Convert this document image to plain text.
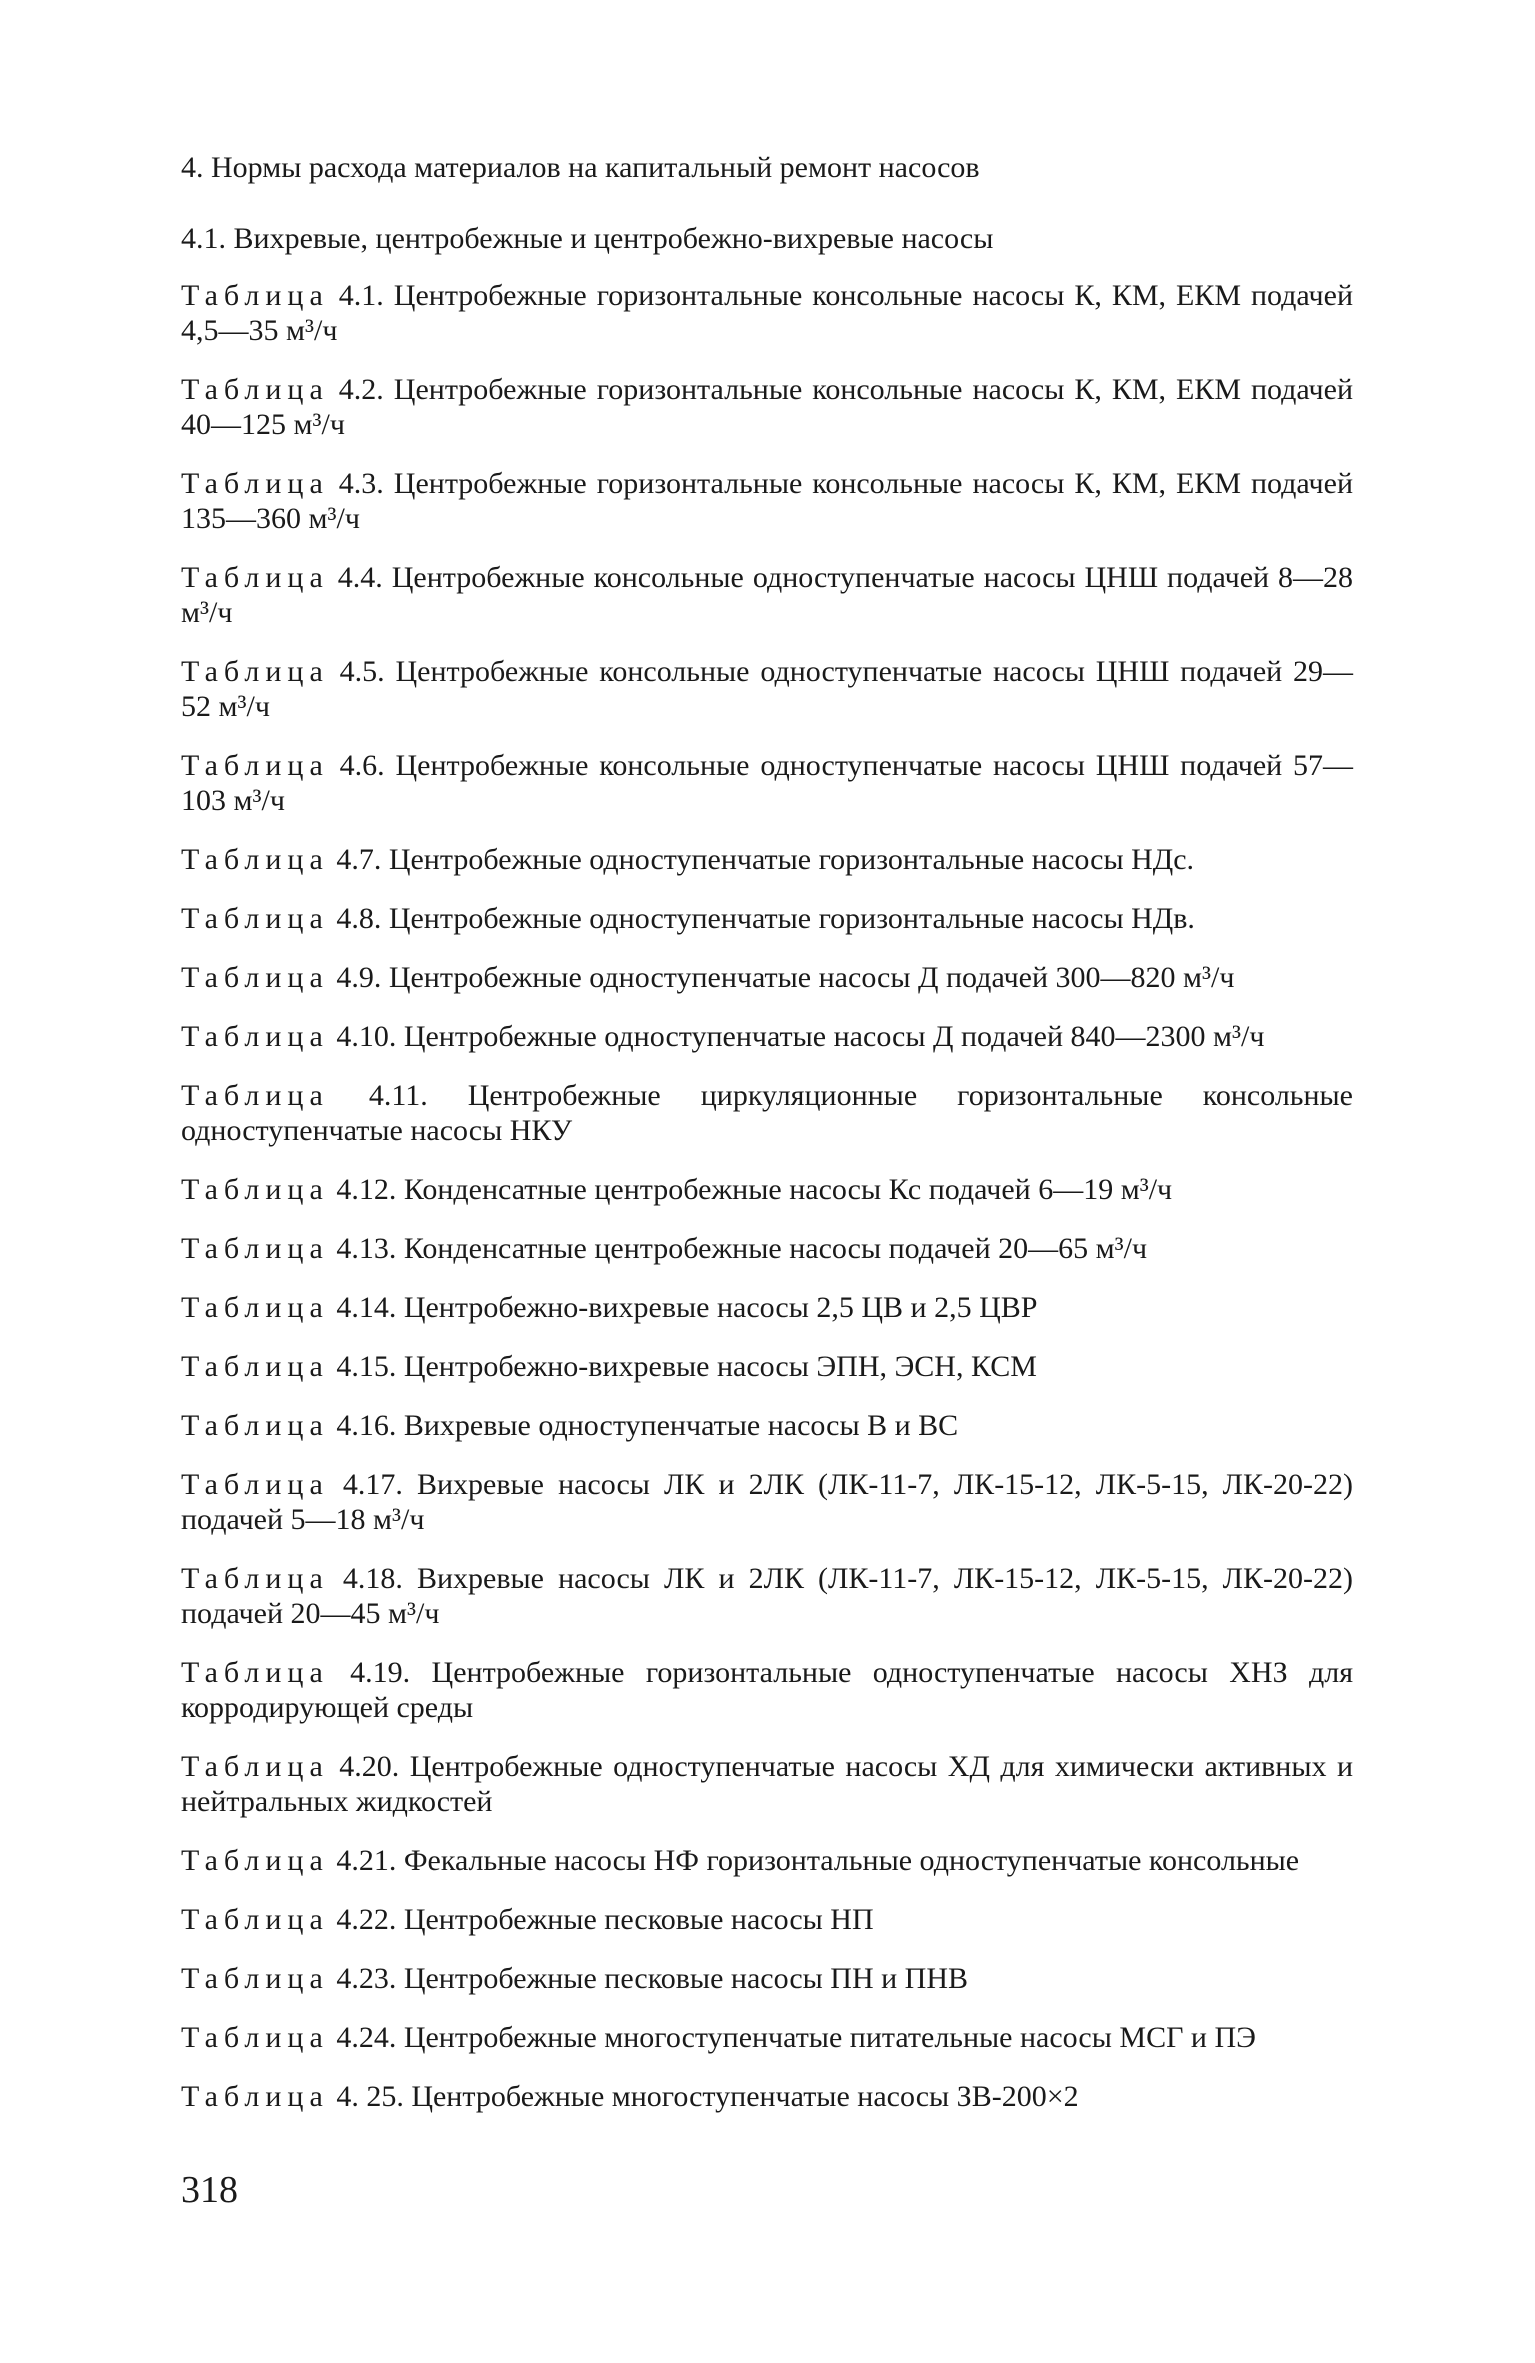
4. Нормы расхода материалов на капитальный ремонт насосов

4.1. Вихревые, центробежные и центробежно-вихревые насосы

Таблица 4.1. Центробежные горизонтальные консольные насосы К, КМ, ЕКМ подачей 4,5—35 м³/ч

Таблица 4.2. Центробежные горизонтальные консольные насосы К, КМ, ЕКМ подачей 40—125 м³/ч

Таблица 4.3. Центробежные горизонтальные консольные насосы К, КМ, ЕКМ подачей 135—360 м³/ч

Таблица 4.4. Центробежные консольные одноступенчатые насосы ЦНШ подачей 8—28 м³/ч

Таблица 4.5. Центробежные консольные одноступенчатые насосы ЦНШ подачей 29—52 м³/ч

Таблица 4.6. Центробежные консольные одноступенчатые насосы ЦНШ подачей 57—103 м³/ч

Таблица 4.7. Центробежные одноступенчатые горизонтальные насосы НДс.

Таблица 4.8. Центробежные одноступенчатые горизонтальные насосы НДв.

Таблица 4.9. Центробежные одноступенчатые насосы Д подачей 300—820 м³/ч

Таблица 4.10. Центробежные одноступенчатые насосы Д подачей 840—2300 м³/ч

Таблица 4.11. Центробежные циркуляционные горизонтальные консольные одноступенчатые насосы НКУ

Таблица 4.12. Конденсатные центробежные насосы Кс подачей 6—19 м³/ч

Таблица 4.13. Конденсатные центробежные насосы подачей 20—65 м³/ч

Таблица 4.14. Центробежно-вихревые насосы 2,5 ЦВ и 2,5 ЦВР

Таблица 4.15. Центробежно-вихревые насосы ЭПН, ЭСН, КСМ

Таблица 4.16. Вихревые одноступенчатые насосы В и ВС

Таблица 4.17. Вихревые насосы ЛК и 2ЛК (ЛК-11-7, ЛК-15-12, ЛК-5-15, ЛК-20-22) подачей 5—18 м³/ч

Таблица 4.18. Вихревые насосы ЛК и 2ЛК (ЛК-11-7, ЛК-15-12, ЛК-5-15, ЛК-20-22) подачей 20—45 м³/ч

Таблица 4.19. Центробежные горизонтальные одноступенчатые насосы ХНЗ для корродирующей среды

Таблица 4.20. Центробежные одноступенчатые насосы ХД для химически активных и нейтральных жидкостей

Таблица 4.21. Фекальные насосы НФ горизонтальные одноступенчатые консольные

Таблица 4.22. Центробежные песковые насосы НП

Таблица 4.23. Центробежные песковые насосы ПН и ПНВ

Таблица 4.24. Центробежные многоступенчатые питательные насосы МСГ и ПЭ

Таблица 4. 25. Центробежные многоступенчатые насосы ЗВ-200×2

318
